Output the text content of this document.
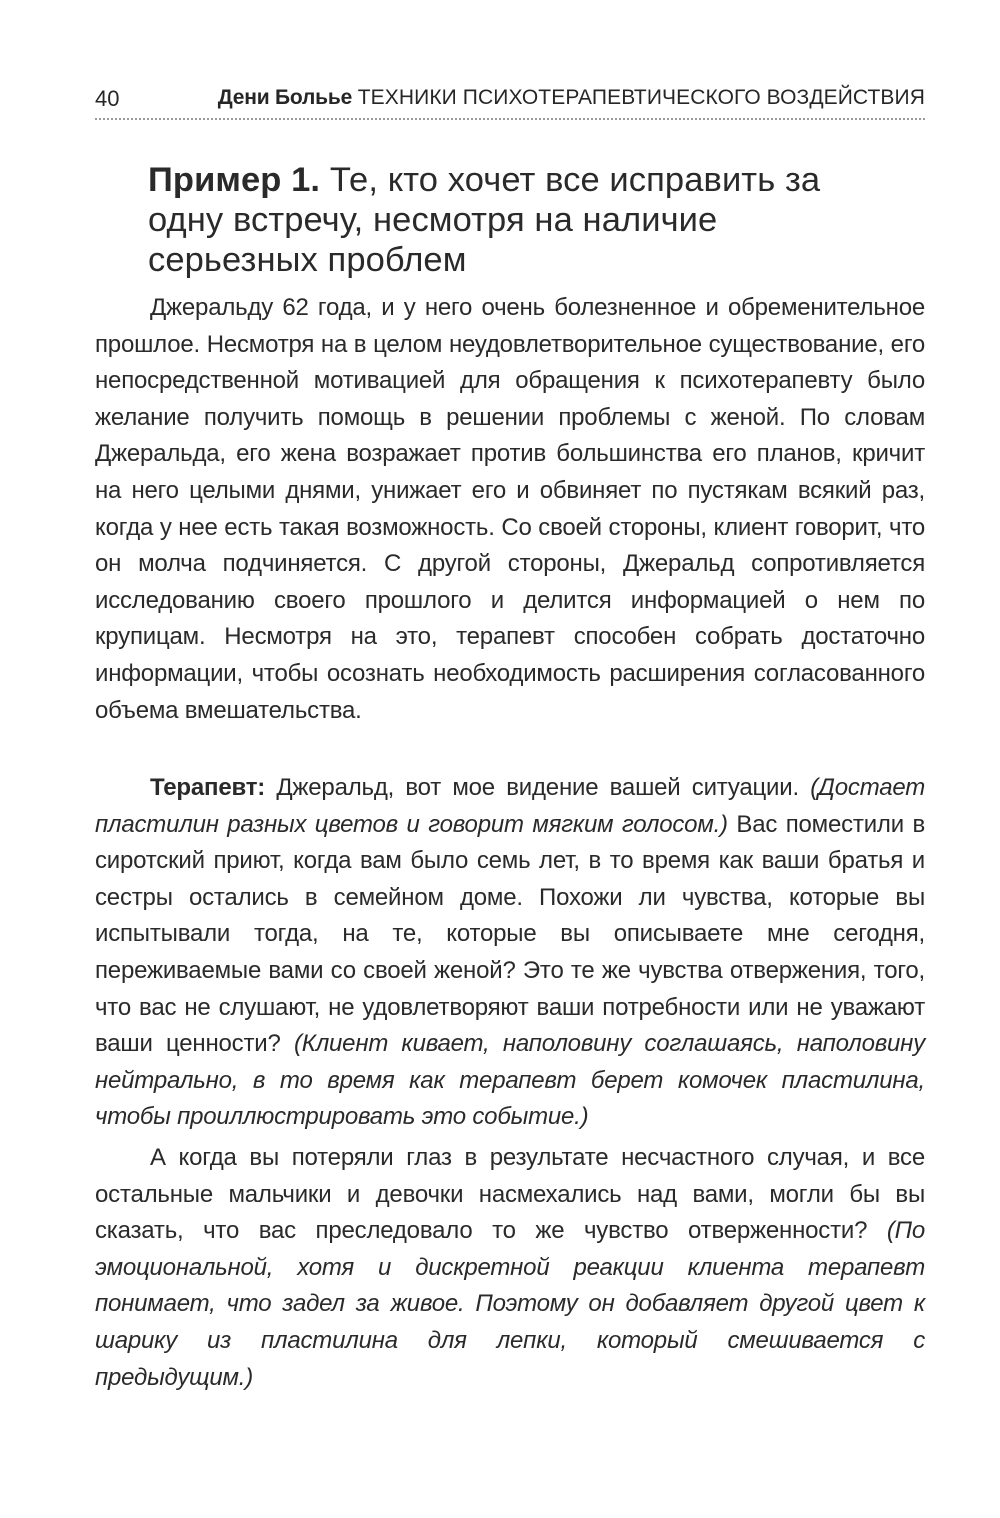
40	Дени Больье ТЕХНИКИ ПСИХОТЕРАПЕВТИЧЕСКОГО ВОЗДЕЙСТВИЯ
Пример 1. Те, кто хочет все исправить за одну встречу, несмотря на наличие серьезных проблем

Джеральду 62 года, и у него очень болезненное и обременительное прошлое. Несмотря на в целом неудовлетворительное существование, его непосредственной мотивацией для обращения к психотерапевту было желание получить помощь в решении проблемы с женой. По словам Джеральда, его жена возражает против большинства его планов, кричит на него целыми днями, унижает его и обвиняет по пустякам всякий раз, когда у нее есть такая возможность. Со своей стороны, клиент говорит, что он молча подчиняется. С другой стороны, Джеральд сопротивляется исследованию своего прошлого и делится информацией о нем по крупицам. Несмотря на это, терапевт способен собрать достаточно информации, чтобы осознать необходимость расширения согласованного объема вмешательства.

Терапевт: Джеральд, вот мое видение вашей ситуации. (Достает пластилин разных цветов и говорит мягким голосом.) Вас поместили в сиротский приют, когда вам было семь лет, в то время как ваши братья и сестры остались в семейном доме. Похожи ли чувства, которые вы испытывали тогда, на те, которые вы описываете мне сегодня, переживаемые вами со своей женой? Это те же чувства отвержения, того, что вас не слушают, не удовлетворяют ваши потребности или не уважают ваши ценности? (Клиент кивает, наполовину соглашаясь, наполовину нейтрально, в то время как терапевт берет комочек пластилина, чтобы проиллюстрировать это событие.)

А когда вы потеряли глаз в результате несчастного случая, и все остальные мальчики и девочки насмехались над вами, могли бы вы сказать, что вас преследовало то же чувство отверженности? (По эмоциональной, хотя и дискретной реакции клиента терапевт понимает, что задел за живое. Поэтому он добавляет другой цвет к шарику из пластилина для лепки, который смешивается с предыдущим.)
